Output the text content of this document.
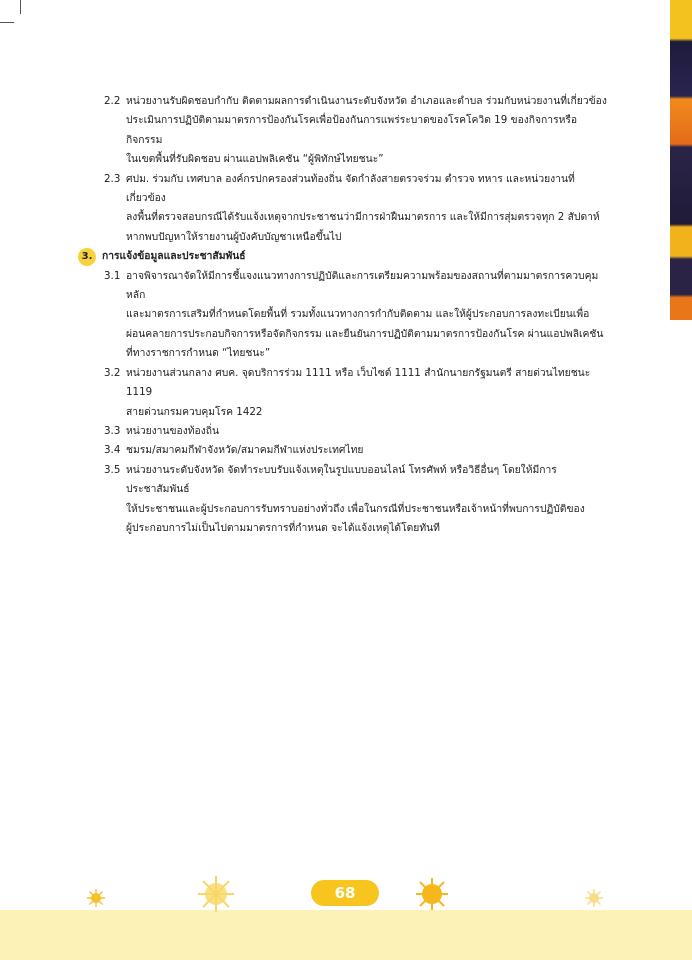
2.2 หน่วยงานรับผิดชอบกำกับ ติดตามผลการดำเนินงานระดับจังหวัด อำเภอและตำบล ร่วมกับหน่วยงานที่เกี่ยวข้อง
ประเมินการปฏิบัติตามมาตรการป้องกันโรคเพื่อป้องกันการแพร่ระบาดของโรคโควิด 19 ของกิจการหรือกิจกรรม
ในเขตพื้นที่รับผิดชอบ ผ่านแอปพลิเคชัน “ผู้พิทักษ์ไทยชนะ”
2.3 ศปม. ร่วมกับ เทศบาล องค์กรปกครองส่วนท้องถิ่น จัดกำลังสายตรวจร่วม ตำรวจ ทหาร และหน่วยงานที่เกี่ยวข้อง
ลงพื้นที่ตรวจสอบกรณีได้รับแจ้งเหตุจากประชาชนว่ามีการฝ่าฝืนมาตรการ และให้มีการสุ่มตรวจทุก 2 สัปดาห์
หากพบปัญหาให้รายงานผู้บังคับบัญชาเหนือขึ้นไป
3. การแจ้งข้อมูลและประชาสัมพันธ์
3.1 อาจพิจารณาจัดให้มีการชี้แจงแนวทางการปฏิบัติและการเตรียมความพร้อมของสถานที่ตามมาตรการควบคุมหลัก
และมาตรการเสริมที่กำหนดโดยพื้นที่ รวมทั้งแนวทางการกำกับติดตาม และให้ผู้ประกอบการลงทะเบียนเพื่อ
ผ่อนคลายการประกอบกิจการหรือจัดกิจกรรม และยืนยันการปฏิบัติตามมาตรการป้องกันโรค ผ่านแอปพลิเคชัน
ที่ทางราชการกำหนด “ไทยชนะ”
3.2 หน่วยงานส่วนกลาง ศบค. จุดบริการร่วม 1111 หรือ เว็บไซต์ 1111 สำนักนายกรัฐมนตรี สายด่วนไทยชนะ 1119
สายด่วนกรมควบคุมโรค 1422
3.3 หน่วยงานของท้องถิ่น
3.4 ชมรม/สมาคมกีฬาจังหวัด/สมาคมกีฬาแห่งประเทศไทย
3.5 หน่วยงานระดับจังหวัด จัดทำระบบรับแจ้งเหตุในรูปแบบออนไลน์ โทรศัพท์ หรือวิธีอื่นๆ โดยให้มีการประชาสัมพันธ์
ให้ประชาชนและผู้ประกอบการรับทราบอย่างทั่วถึง เพื่อในกรณีที่ประชาชนหรือเจ้าหน้าที่พบการปฏิบัติของ
ผู้ประกอบการไม่เป็นไปตามมาตรการที่กำหนด จะได้แจ้งเหตุได้โดยทันที
68
